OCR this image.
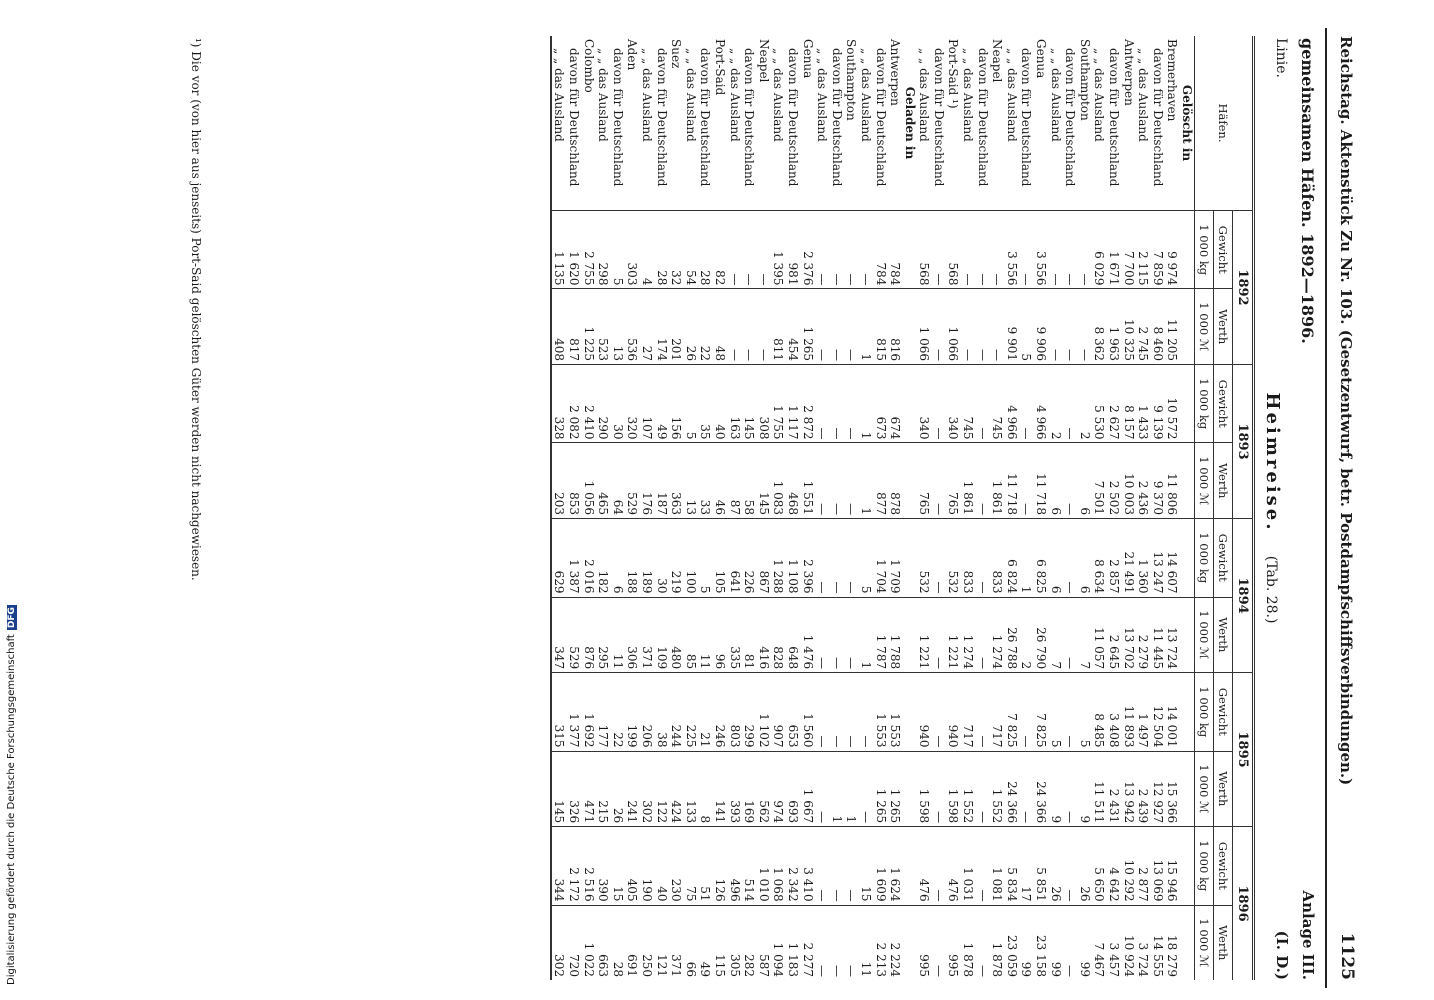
Reichstag. Aktenstück Zu Nr. 103. (Gesetzentwurf, betr. Postdampfschiffsverbindungen.)
1125
gemeinsamen Häfen. 1892—1896.
Linie.
Anlage III.
(I. D.)
Heimreise. (Tab. 28.)
Häfen.	1892		1893		1894		1895		1896	
	Gewicht	Werth	Gewicht	Werth	Gewicht	Werth	Gewicht	Werth	Gewicht	Werth
	1 000 kg	1 000 ℳ	1 000 kg	1 000 ℳ	1 000 kg	1 000 ℳ	1 000 kg	1 000 ℳ	1 000 kg	1 000 ℳ
Gelöscht in										
Bremerhaven	9 974	11 205	10 572	11 806	14 607	13 724	14 001	15 366	15 946	18 279
davon für Deutschland	7 859	8 460	9 139	9 370	13 247	11 445	12 504	12 927	13 069	14 555
„ „ das Ausland	2 115	2 745	1 433	2 436	1 360	2 279	1 497	2 439	2 877	3 724
Antwerpen	7 700	10 325	8 157	10 003	21 491	13 702	11 893	13 942	10 292	10 924
davon für Deutschland	1 671	1 963	2 627	2 502	2 857	2 645	3 408	2 431	4 642	3 457
„ „ das Ausland	6 029	8 362	5 530	7 501	8 634	11 057	8 485	11 511	5 650	7 467
Southampton	—	—	2	6	6	7	5	9	26	99
davon für Deutschland	—	—	—	—	—	—	—	—	—	—
„ „ das Ausland	—	—	2	6	6	7	5	9	26	99
Genua	3 556	9 906	4 966	11 718	6 825	26 790	7 825	24 366	5 851	23 158
davon für Deutschland	—	5	—	—	1	2	—	—	17	99
„ „ das Ausland	3 556	9 901	4 966	11 718	6 824	26 788	7 825	24 366	5 834	23 059
Neapel	—	—	745	1 861	833	1 274	717	1 552	1 081	1 878
davon für Deutschland	—	—	—	—	—	—	—	—	—	—
„ „ das Ausland	—	—	745	1 861	833	1 274	717	1 552	1 031	1 878
Port-Said ¹)	568	1 066	340	765	532	1 221	940	1 598	476	995
davon für Deutschland	—	—	—	—	—	—	—	—	—	—
„ „ das Ausland	568	1 066	340	765	532	1 221	940	1 598	476	995
Geladen in										
Antwerpen	784	816	674	878	1 709	1 788	1 553	1 265	1 624	2 224
davon für Deutschland	784	815	673	877	1 704	1 787	1 553	1 265	1 609	2 213
„ „ das Ausland	—	1	1	1	5	1	—	—	15	11
Southampton	—	—	—	—	—	—	—	1	—	—
davon für Deutschland	—	—	—	—	—	—	—	1	—	—
„ „ das Ausland	—	—	—	—	—	—	—	—	—	—
Genua	2 376	1 265	2 872	1 551	2 396	1 476	1 560	1 667	3 410	2 277
davon für Deutschland	981	454	1 117	468	1 108	648	653	693	2 342	1 183
„ „ das Ausland	1 395	811	1 755	1 083	1 288	828	907	974	1 068	1 094
Neapel	—	—	308	145	867	416	1 102	562	1 010	587
davon für Deutschland	—	—	145	58	226	81	299	169	514	282
„ „ das Ausland	—	—	163	87	641	335	803	393	496	305
Port-Said	82	48	40	46	105	96	246	141	126	115
davon für Deutschland	28	22	35	33	5	11	21	8	51	49
„ „ das Ausland	54	26	5	13	100	85	225	133	75	66
Suez	32	201	156	363	219	480	244	424	230	371
davon für Deutschland	28	174	49	187	30	109	38	122	40	121
„ „ das Ausland	4	27	107	176	189	371	206	302	190	250
Aden	303	536	320	529	188	306	199	241	405	691
davon für Deutschland	5	13	30	64	6	11	22	26	15	28
„ „ das Ausland	298	523	290	465	182	295	177	215	390	663
Colombo	2 755	1 225	2 410	1 056	2 016	876	1 692	471	2 516	1 022
davon für Deutschland	1 620	817	2 082	853	1 387	529	1 377	326	2 172	720
„ „ das Ausland	1 135	408	328	203	629	347	315	145	344	302
¹) Die vor (von hier aus jenseits) Port-Said gelöschten Güter werden nicht nachgewiesen.
Digitalisierung gefördert durch die Deutsche ForschungsgemeinschaftDFG
